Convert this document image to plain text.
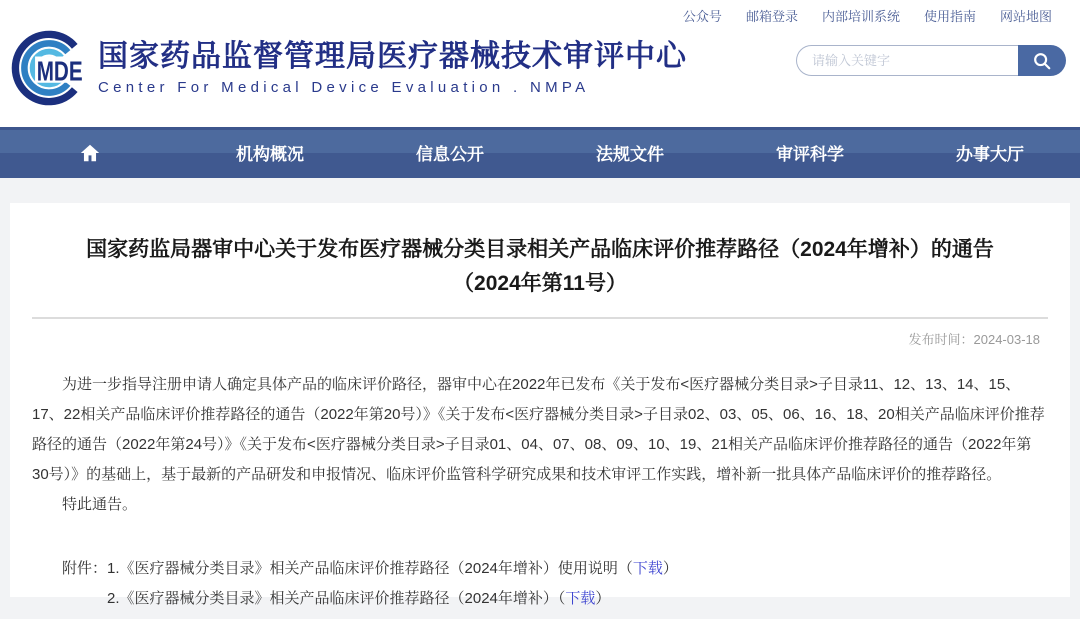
公众号 邮箱登录 内部培训系统 使用指南 网站地图
MDE 国家药品监督管理局医疗器械技术审评中心
Center For Medical Device Evaluation . NMPA
请输入关键字
机构概况	信息公开	法规文件	审评科学	办事大厅
国家药监局器审中心关于发布医疗器械分类目录相关产品临床评价推荐路径（2024年增补）的通告
（2024年第11号）
发布时间：2024-03-18

为进一步指导注册申请人确定具体产品的临床评价路径，器审中心在2022年已发布《关于发布<医疗器械分类目录>子目录11、12、13、14、15、17、22相关产品临床评价推荐路径的通告（2022年第20号）》《关于发布<医疗器械分类目录>子目录02、03、05、06、16、18、20相关产品临床评价推荐路径的通告（2022年第24号）》《关于发布<医疗器械分类目录>子目录01、04、07、08、09、10、19、21相关产品临床评价推荐路径的通告（2022年第30号）》的基础上，基于最新的产品研发和申报情况、临床评价监管科学研究成果和技术审评工作实践，增补新一批具体产品临床评价的推荐路径。

特此通告。

附件：1.《医疗器械分类目录》相关产品临床评价推荐路径（2024年增补）使用说明（下载）
2.《医疗器械分类目录》相关产品临床评价推荐路径（2024年增补）（下载）
